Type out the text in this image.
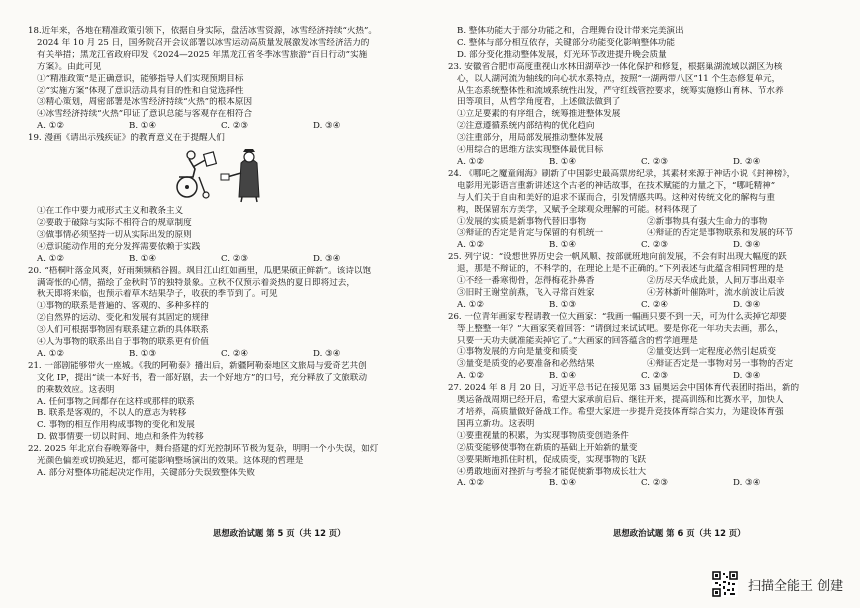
18.近年来，各地在精准政策引领下，依据自身实际，盘活冰雪资源，冰雪经济持续“火热”。
2024 年 10 月 25 日，国务院召开会议部署以冰雪运动高质量发展激发冰雪经济活力的
有关举措；黑龙江省政府印发《2024—2025 年黑龙江省冬季冰雪旅游“百日行动”实施
方案》。由此可见
①“精准政策”是正确意识，能够指导人们实现预期目标
②“实施方案”体现了意识活动具有目的性和自觉选择性
③精心策划，周密部署是冰雪经济持续“火热”的根本原因
④冰雪经济持续“火热”印证了意识总能与客观存在相符合
A. ①②	B. ①④	C. ②③	D. ③④
19. 漫画《请出示残疾证》的教育意义在于提醒人们
①在工作中要力戒形式主义和教条主义
②要敢于破除与实际不相符合的规章制度
③做事情必须坚持一切从实际出发的原则
④意识能动作用的充分发挥需要依赖于实践
A. ①②	B. ①④	C. ②③	D. ③④
20. “梧桐叶落金风爽，好雨频频稻谷圆。飒目江山红如画里，瓜肥果硕正鲜新”。该诗以饱
满寄怅的心情，描绘了金秋时节的独特景象。立秋不仅预示着炎热的夏日即将过去，
秋天即将来临，也预示着草木结果孕子，收获的季节到了。可见
①事物的联系是普遍的、客观的、多种多样的
②自然界的运动、变化和发展有其固定的规律
③人们可根据事物固有联系建立新的具体联系
④人为事物的联系出自于事物的联系更有价值
A. ①②	B. ①③	C. ②④	D. ③④
21. 一部剧能够带火一座城。《我的阿勒泰》播出后，新疆阿勒泰地区文旅局与爱奇艺共创
文化 IP，提出“读一本好书，看一部好剧，去一个好地方”的口号，充分释放了文旅联动
的乘数效应。这表明
A. 任何事物之间都存在这样或那样的联系
B. 联系是客观的，不以人的意志为转移
C. 事物的相互作用构成事物的变化和发展
D. 做事情要一切以时间、地点和条件为转移
22. 2025 年北京台春晚筹备中，舞台搭建的灯光控制环节极为复杂，明明一个小失误，如灯
光颜色偏差或切换延迟，都可能影响整场演出的效果。这体现的哲理是
A. 部分对整体功能起决定作用，关键部分失误致整体失败
思想政治试题 第 5 页（共 12 页）
B. 整体功能大于部分功能之和，合理舞台设计带来完美演出
C. 整体与部分相互依存，关键部分功能变化影响整体功能
D. 部分变化推动整体发展，灯光环节改进提升晚会质量
23. 安徽省合肥市高度重视山水林田湖草沙一体化保护和修复，根据巢湖流域以湖区为核
心，以人湖河流为轴线的向心状水系特点，按照“一湖两带八区”11 个生态修复单元，
从生态系统整体性和流域系统性出发，严守红线管控要求，统筹实施修山育林、节水养
田等项目，从哲学角度看，上述做法做到了
①立足要素的有序组合，统筹推进整体发展
②注意遵循系统内部结构的优化趋向
③注重部分，用局部发展推动整体发展
④用综合的思维方法实现整体最优目标
A. ①②	B. ①④	C. ②③	D. ②④
24. 《哪吒之魔童闹海》刷新了中国影史最高票房纪录，其素材来源于神话小说《封神榜》，
电影用光影语言重新讲述这个古老的神话故事，在技术赋能的力量之下，“哪吒精神”
与人们关于自由和美好的追求不谋而合，引发情感共鸣。这种对传统文化的解构与重
构，既保留东方美学，又赋予全球观众理解的可能。材料体现了
①发展的实质是新事物代替旧事物	②新事物具有强大生命力的事物
③辩证的否定是肯定与保留的有机统一	④辩证的否定是事物联系和发展的环节
A. ①②	B. ①④	C. ②③	D. ③④
25. 列宁说：“设想世界历史会一帆风顺、按部就班地向前发展，不会有时出现大幅度的跃
退，那是不辩证的，不科学的，在理论上是不正确的。”下列表述与此蕴含相同哲理的是
①不经一番寒彻骨，怎得梅花扑鼻香	②历尽天华成此景，人间万事出艰辛
③旧时王谢堂前燕，飞入寻常百姓家	④芳林新叶催陈叶，流水前波让后波
A. ①②	B. ①③	C. ②④	D. ③④
26. 一位青年画家专程请教一位大画家：“我画一幅画只要不到一天，可为什么卖掉它却要
等上整整一年？”大画家笑着回答：“请倒过来试试吧。要是你花一年功夫去画，那么，
只要一天功夫就准能卖掉它了。”大画家的回答蕴含的哲学道理是
①事物发展的方向是量变和质变	②量变达到一定程度必然引起质变
③量变是质变的必要准备和必然结果	④辩证否定是一事物对另一事物的否定
A. ①②	B. ①④	C. ②③	D. ③④
27. 2024 年 8 月 20 日，习近平总书记在接见第 33 届奥运会中国体育代表团时指出，新的
奥运备战周期已经开启，希望大家承前启后、继往开来，提高训练和比赛水平，加快人
才培养，高质量做好备战工作。希望大家进一步提升竞技体育综合实力，为建设体育强
国再立新功。这表明
①要重视量的积累，为实现事物质变创造条件
②质变能够使事物在新质的基础上开始新的量变
③要果断地抓住时机，促成质变，实现事物的飞跃
④勇敢地面对挫折与考验才能促使新事物成长壮大
A. ①②	B. ①④	C. ②③	D. ③④
思想政治试题 第 6 页（共 12 页）
扫描全能王 创建
